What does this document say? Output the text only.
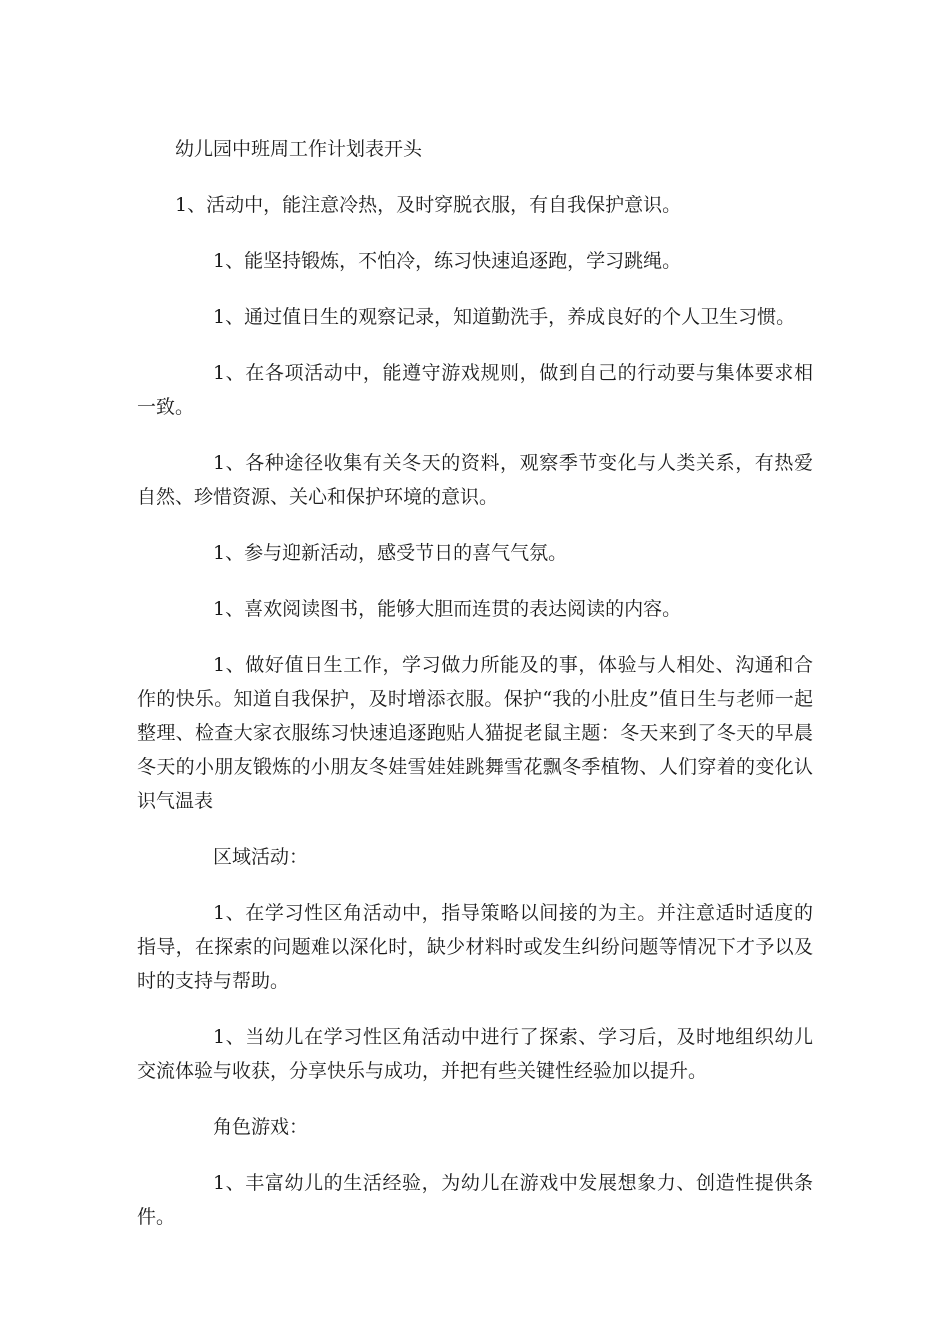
幼儿园中班周工作计划表开头

1、活动中，能注意冷热，及时穿脱衣服，有自我保护意识。

1、能坚持锻炼，不怕冷，练习快速追逐跑，学习跳绳。

1、通过值日生的观察记录，知道勤洗手，养成良好的个人卫生习惯。

1、在各项活动中，能遵守游戏规则，做到自己的行动要与集体要求相一致。

1、各种途径收集有关冬天的资料，观察季节变化与人类关系，有热爱自然、珍惜资源、关心和保护环境的意识。

1、参与迎新活动，感受节日的喜气气氛。

1、喜欢阅读图书，能够大胆而连贯的表达阅读的内容。

1、做好值日生工作，学习做力所能及的事，体验与人相处、沟通和合作的快乐。知道自我保护，及时增添衣服。保护“我的小肚皮”值日生与老师一起整理、检查大家衣服练习快速追逐跑贴人猫捉老鼠主题：冬天来到了冬天的早晨冬天的小朋友锻炼的小朋友冬娃雪娃娃跳舞雪花飘冬季植物、人们穿着的变化认识气温表

区域活动：

1、在学习性区角活动中，指导策略以间接的为主。并注意适时适度的指导，在探索的问题难以深化时，缺少材料时或发生纠纷问题等情况下才予以及时的支持与帮助。

1、当幼儿在学习性区角活动中进行了探索、学习后，及时地组织幼儿交流体验与收获，分享快乐与成功，并把有些关键性经验加以提升。

角色游戏：

1、丰富幼儿的生活经验，为幼儿在游戏中发展想象力、创造性提供条件。
